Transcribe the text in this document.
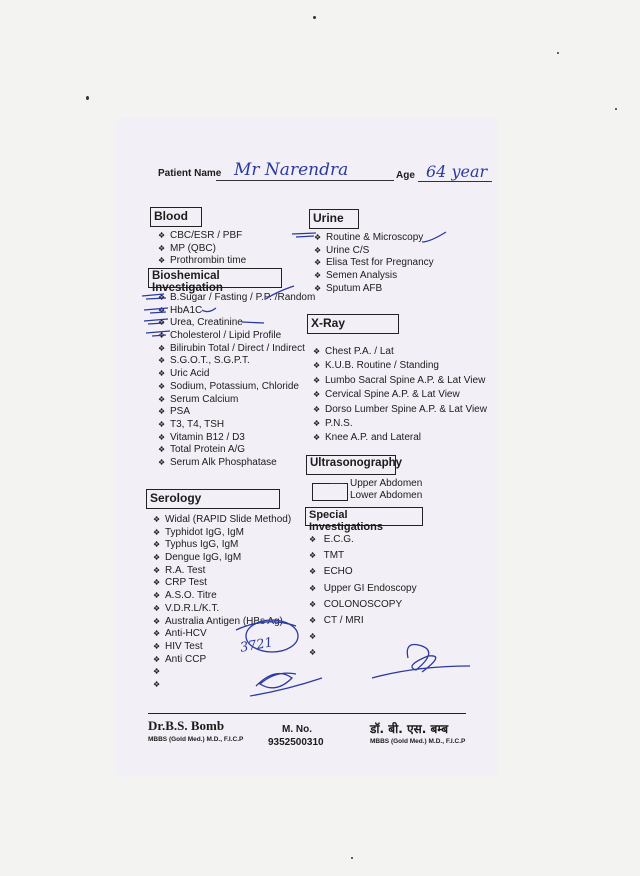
Patient Name Mr Narendra	Age 64 year
Blood
❖ CBC/ESR / PBF
❖ MP (QBC)
❖ Prothrombin time
Bioshemical Investigation
❖ B.Sugar / Fasting / P.P. /Random
❖ HbA1C
❖ Urea, Creatinine
❖ Cholesterol / Lipid Profile
❖ Bilirubin Total / Direct / Indirect
❖ S.G.O.T., S.G.P.T.
❖ Uric Acid
❖ Sodium, Potassium, Chloride
❖ Serum Calcium
❖ PSA
❖ T3, T4, TSH
❖ Vitamin B12 / D3
❖ Total Protein A/G
❖ Serum Alk Phosphatase
Serology
❖ Widal (RAPID Slide Method)
❖ Typhidot IgG, IgM
❖ Typhus IgG, IgM
❖ Dengue IgG, IgM
❖ R.A. Test
❖ CRP Test
❖ A.S.O. Titre
❖ V.D.R.L/K.T.
❖ Australia Antigen (HBs Ag)
❖ Anti-HCV
❖ HIV Test
❖ Anti CCP
❖
❖
Urine
❖ Routine & Microscopy
❖ Urine C/S
❖ Elisa Test for Pregnancy
❖ Semen Analysis
❖ Sputum AFB
X-Ray
❖ Chest P.A. / Lat
❖ K.U.B. Routine / Standing
❖ Lumbo Sacral Spine A.P. & Lat View
❖ Cervical Spine A.P. & Lat View
❖ Dorso Lumber Spine A.P. & Lat View
❖ P.N.S.
❖ Knee A.P. and Lateral
Ultrasonography
Upper Abdomen
Lower Abdomen
Special Investigations
❖ E.C.G.
❖ TMT
❖ ECHO
❖ Upper GI Endoscopy
❖ COLONOSCOPY
❖ CT / MRI
❖
❖
3721
Dr.B.S. Bomb
MBBS (Gold Med.) M.D., F.I.C.P
M. No.
9352500310
डॉ. बी. एस. बम्ब
MBBS (Gold Med.) M.D., F.I.C.P
